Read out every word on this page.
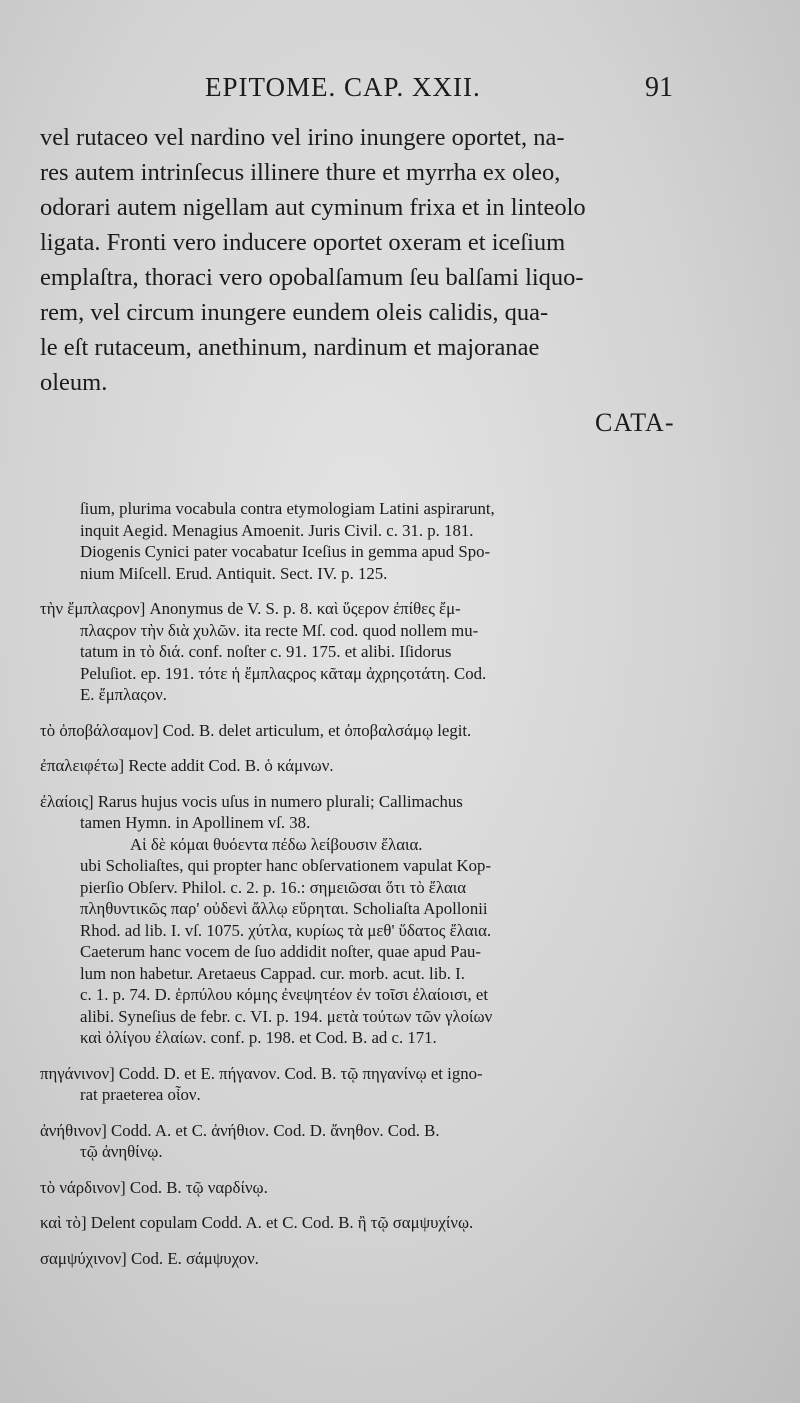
EPITOME. CAP. XXII.	91

vel rutaceo vel nardino vel irino inungere oportet, na-
res autem intrinſecus illinere thure et myrrha ex oleo,
odorari autem nigellam aut cyminum frixa et in linteolo
ligata. Fronti vero inducere oportet oxeram et iceſium
emplaſtra, thoraci vero opobalſamum ſeu balſami liquo-
rem, vel circum inungere eundem oleis calidis, qua-
le eſt rutaceum, anethinum, nardinum et majoranae
oleum.

CATA-
ſium, plurima vocabula contra etymologiam Latini aspirarunt,
inquit Aegid. Menagius Amoenit. Juris Civil. c. 31. p. 181.
Diogenis Cynici pater vocabatur Iceſius in gemma apud Spo-
nium Miſcell. Erud. Antiquit. Sect. IV. p. 125.
τὴν ἔμπλαςρον] Anonymus de V. S. p. 8. καὶ ὕςερον ἐπίθες ἔμ-
πλαςρον τὴν διὰ χυλῶν. ita recte Mſ. cod. quod nollem mu-
tatum in τὸ διά. conf. noſter c. 91. 175. et alibi. Iſidorus
Peluſiot. ep. 191. τότε ἡ ἔμπλαςρος κᾶταμ ἀχρηςοτάτη. Cod.
E. ἔμπλαςον.
τὸ ὀποβάλσαμον] Cod. B. delet articulum, et ὀποβαλσάμῳ legit.
ἐπαλειφέτω] Recte addit Cod. B. ὁ κάμνων.
ἐλαίοις] Rarus hujus vocis uſus in numero plurali; Callimachus
tamen Hymn. in Apollinem vſ. 38.
Αἱ δὲ κόμαι θυόεντα πέδω λείβουσιν ἔλαια.
ubi Scholiaſtes, qui propter hanc obſervationem vapulat Kop-
pierſio Obſerv. Philol. c. 2. p. 16.: σημειῶσαι ὅτι τὸ ἔλαια
πληθυντικῶς παρ' οὐδενὶ ἄλλῳ εὕρηται. Scholiaſta Apollonii
Rhod. ad lib. I. vſ. 1075. χύτλα, κυρίως τὰ μεθ' ὕδατος ἔλαια.
Caeterum hanc vocem de ſuo addidit noſter, quae apud Pau-
lum non habetur. Aretaeus Cappad. cur. morb. acut. lib. I.
c. 1. p. 74. D. ἑρπύλου κόμης ἐνεψητέον ἐν τοῖσι ἐλαίοισι, et
alibi. Syneſius de febr. c. VI. p. 194. μετὰ τούτων τῶν γλοίων
καὶ ὀλίγου ἐλαίων. conf. p. 198. et Cod. B. ad c. 171.
πηγάνινον] Codd. D. et E. πήγανον. Cod. B. τῷ πηγανίνῳ et igno-
rat praeterea οἶον.
ἀνήθινον] Codd. A. et C. ἀνήθιον. Cod. D. ἄνηθον. Cod. B.
τῷ ἀνηθίνῳ.
τὸ νάρδινον] Cod. B. τῷ ναρδίνῳ.
καὶ τὸ] Delent copulam Codd. A. et C. Cod. B. ἢ τῷ σαμψυχίνῳ.
σαμψύχινον] Cod. E. σάμψυχον.
